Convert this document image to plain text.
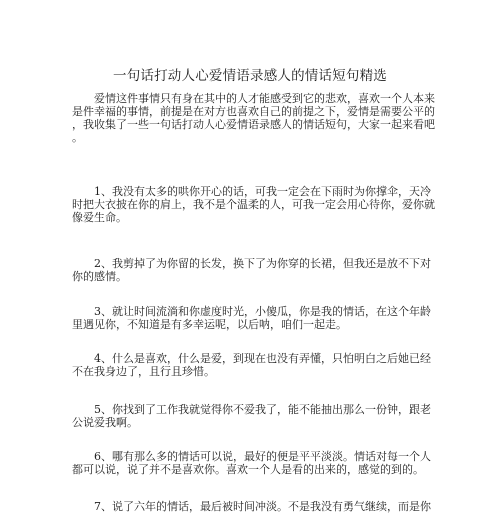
一句话打动人心爱情语录感人的情话短句精选
爱情这件事情只有身在其中的人才能感受到它的悲欢，喜欢一个人本来
是件幸福的事情，前提是在对方也喜欢自己的前提之下，爱情是需要公平的
，我收集了一些一句话打动人心爱情语录感人的情话短句，大家一起来看吧
。
1、我没有太多的哄你开心的话，可我一定会在下雨时为你撑伞，天冷
时把大衣披在你的肩上，我不是个温柔的人，可我一定会用心待你，爱你就
像爱生命。
2、我剪掉了为你留的长发，换下了为你穿的长裙，但我还是放不下对
你的感情。
3、就让时间流淌和你虚度时光，小傻瓜，你是我的情话，在这个年龄
里遇见你，不知道是有多幸运呢，以后呐，咱们一起走。
4、什么是喜欢，什么是爱，到现在也没有弄懂，只怕明白之后她已经
不在我身边了，且行且珍惜。
5、你找到了工作我就觉得你不爱我了，能不能抽出那么一份钟，跟老
公说爱我啊。
6、哪有那么多的情话可以说，最好的便是平平淡淡。情话对每一个人
都可以说，说了并不是喜欢你。喜欢一个人是看的出来的，感觉的到的。
7、说了六年的情话，最后被时间冲淡。不是我没有勇气继续，而是你
